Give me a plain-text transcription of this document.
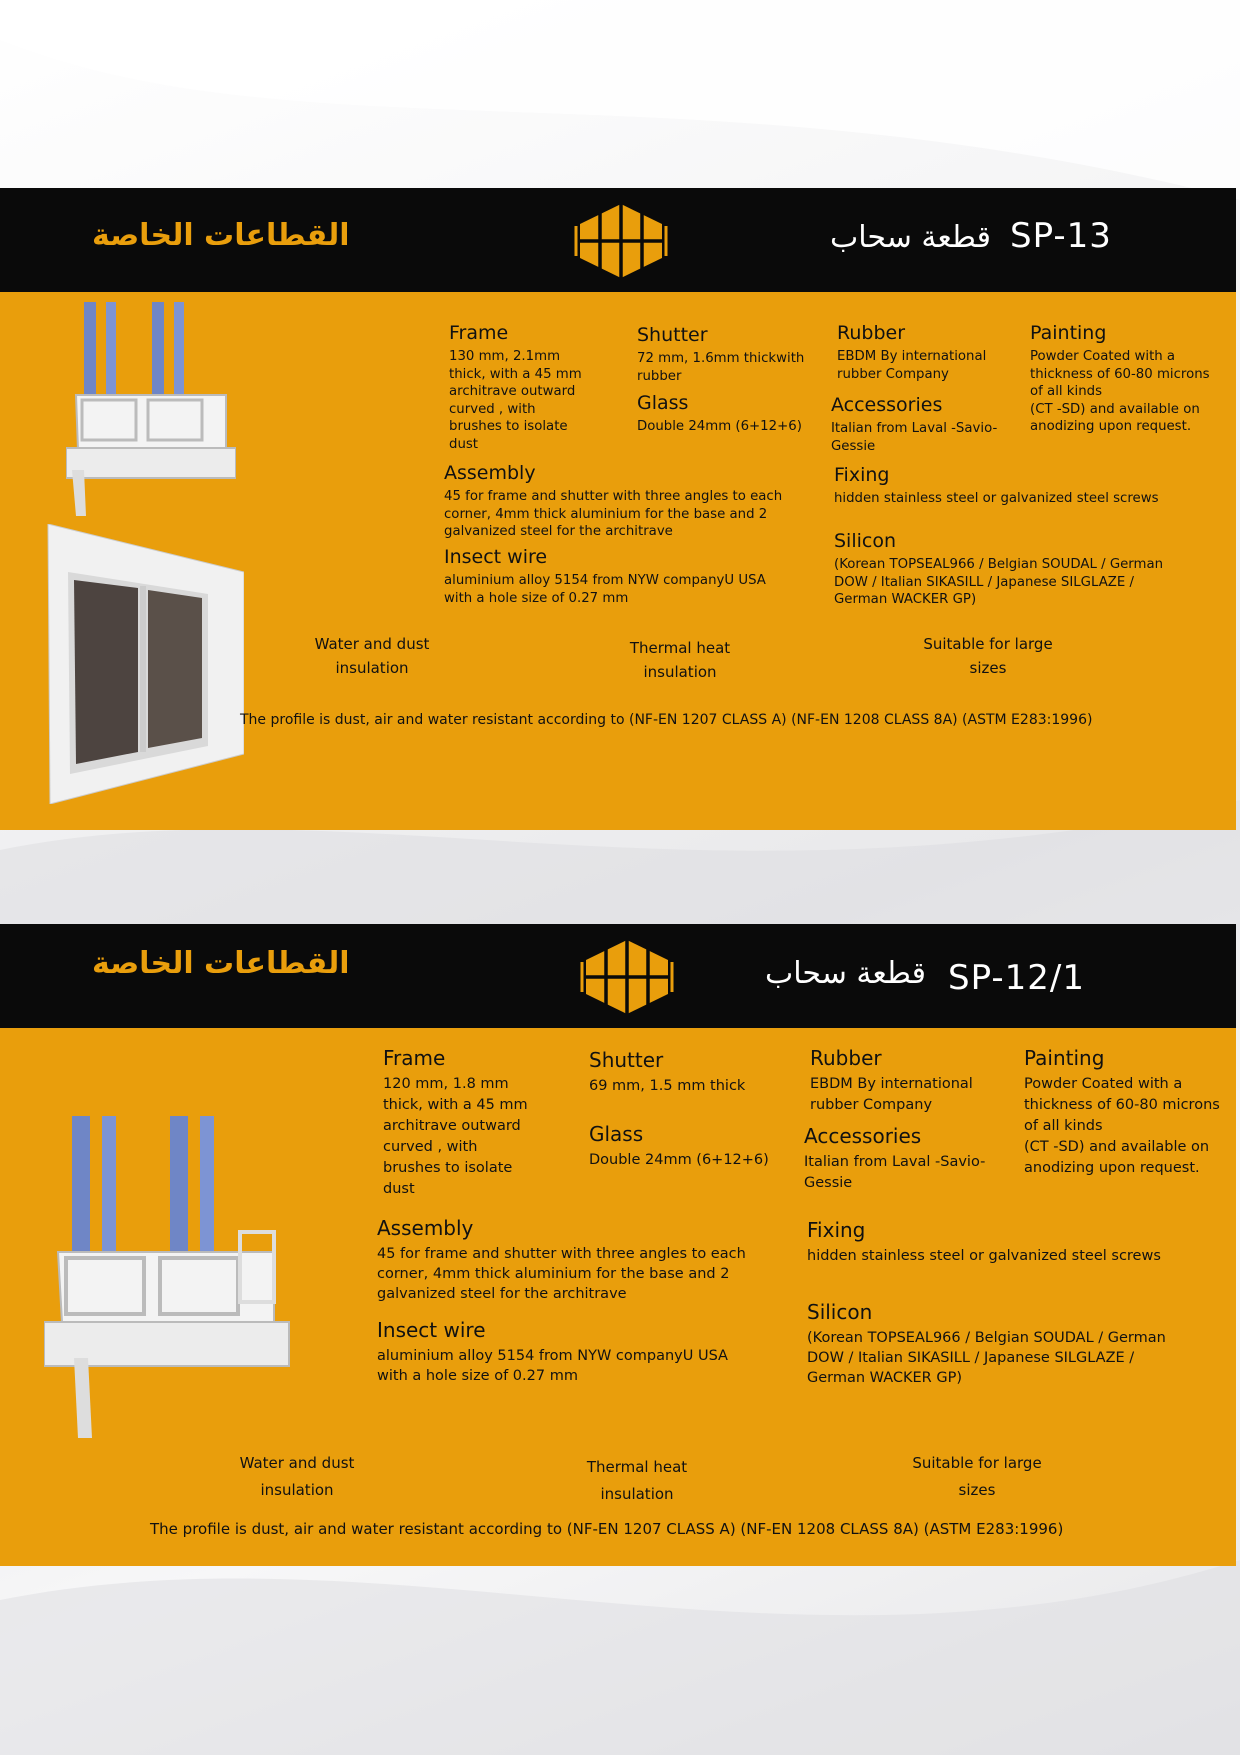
القطاعات الخاصة	قطعة سحاب SP-13
Frame

130 mm, 2.1mm

thick, with a 45 mm

architrave outward

curved , with

brushes to isolate

dust

Shutter

72 mm, 1.6mm thickwith

rubber

Glass

Double 24mm (6+12+6)

Rubber

EBDM By international

rubber Company

Accessories

Italian from Laval -Savio-

Gessie

Painting

Powder Coated with a

thickness of 60-80 microns

of all kinds

(CT -SD) and available on

anodizing upon request.

Assembly

45 for frame and shutter with three angles to each

corner, 4mm thick aluminium for the base and 2

galvanized steel for the architrave

Fixing

hidden stainless steel or galvanized steel screws

Insect wire

aluminium alloy 5154 from NYW companyU USA

with a hole size of 0.27 mm

Silicon

(Korean TOPSEAL966 / Belgian SOUDAL / German

DOW / Italian SIKASILL / Japanese SILGLAZE /

German WACKER GP)

Water and dust
insulation
Thermal heat
insulation
Suitable for large
sizes
The profile is dust, air and water resistant according to (NF-EN 1207 CLASS A) (NF-EN 1208 CLASS 8A) (ASTM E283:1996)
القطاعات الخاصة	قطعة سحاب SP-12/1
Frame

120 mm, 1.8 mm

thick, with a 45 mm

architrave outward

curved , with

brushes to isolate

dust

Shutter

69 mm, 1.5 mm thick

Glass

Double 24mm (6+12+6)

Rubber

EBDM By international

rubber Company

Accessories

Italian from Laval -Savio-

Gessie

Painting

Powder Coated with a

thickness of 60-80 microns

of all kinds

(CT -SD) and available on

anodizing upon request.

Assembly

45 for frame and shutter with three angles to each

corner, 4mm thick aluminium for the base and 2

galvanized steel for the architrave

Fixing

hidden stainless steel or galvanized steel screws

Insect wire

aluminium alloy 5154 from NYW companyU USA

with a hole size of 0.27 mm

Silicon

(Korean TOPSEAL966 / Belgian SOUDAL / German

DOW / Italian SIKASILL / Japanese SILGLAZE /

German WACKER GP)

Water and dust
insulation
Thermal heat
insulation
Suitable for large
sizes
The profile is dust, air and water resistant according to (NF-EN 1207 CLASS A) (NF-EN 1208 CLASS 8A) (ASTM E283:1996)
